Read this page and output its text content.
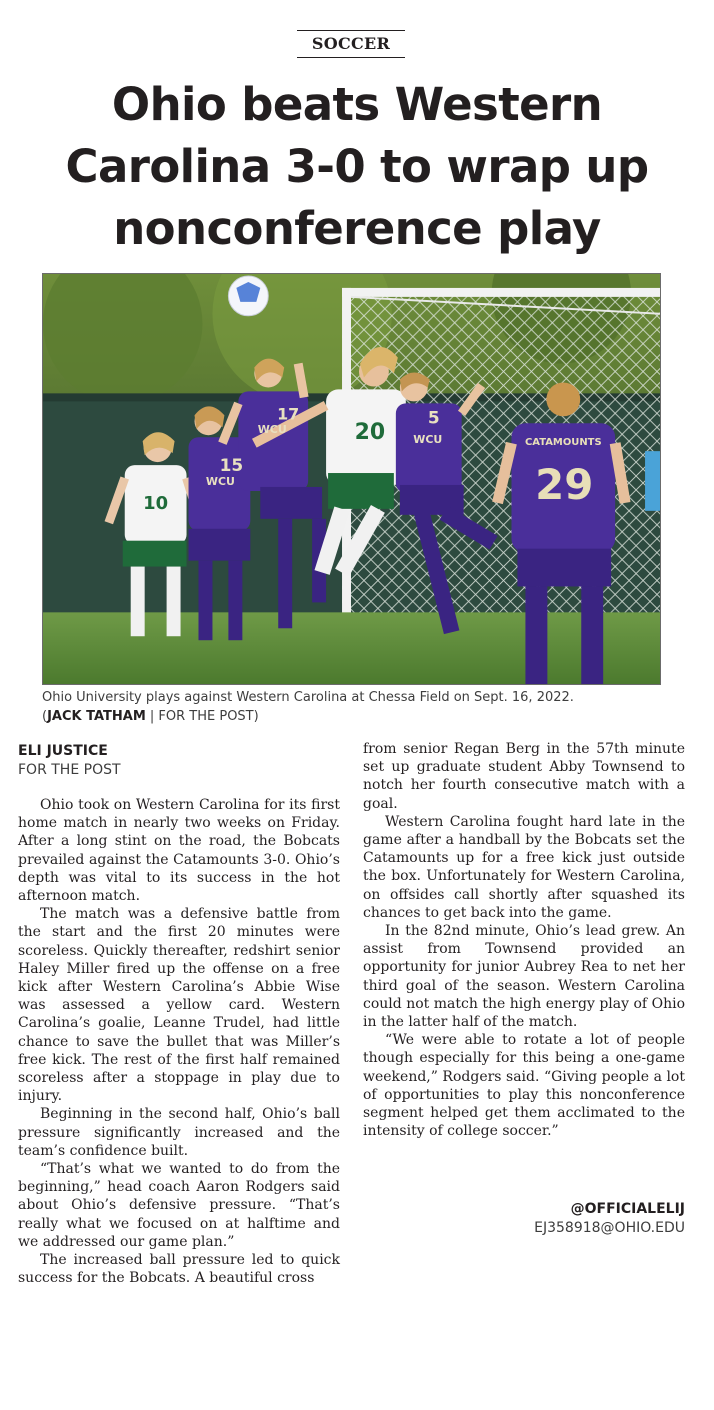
SOCCER
Ohio beats Western
Carolina 3-0 to wrap up
nonconference play
10
15
17
20
5
29
WCU
WCU
WCU	CATAMOUNTS
Ohio University plays against Western Carolina at Chessa Field on Sept. 16, 2022.
(JACK TATHAM | FOR THE POST)
ELI JUSTICE
FOR THE POST

Ohio took on Western Carolina for its first home match in nearly two weeks on Friday. After a long stint on the road, the Bobcats prevailed against the Catamounts 3-0. Ohio’s depth was vital to its success in the hot afternoon match.

The match was a defensive battle from the start and the first 20 minutes were scoreless. Quickly thereafter, redshirt senior Haley Miller fired up the offense on a free kick after Western Carolina’s Abbie Wise was assessed a yellow card. Western Carolina’s goalie, Leanne Trudel, had little chance to save the bullet that was Miller’s free kick. The rest of the first half remained scoreless after a stoppage in play due to injury.

Beginning in the second half, Ohio’s ball pressure significantly increased and the team’s confidence built.

“That’s what we wanted to do from the beginning,” head coach Aaron Rodgers said about Ohio’s defensive pressure. “That’s really what we focused on at halftime and we addressed our game plan.”

The increased ball pressure led to quick success for the Bobcats. A beautiful cross

from senior Regan Berg in the 57th minute set up graduate student Abby Townsend to notch her fourth consecutive match with a goal.

Western Carolina fought hard late in the game after a handball by the Bobcats set the Catamounts up for a free kick just outside the box. Unfortunately for Western Carolina, on offsides call shortly after squashed its chances to get back into the game.

In the 82nd minute, Ohio’s lead grew. An assist from Townsend provided an opportunity for junior Aubrey Rea to net her third goal of the season. Western Carolina could not match the high energy play of Ohio in the latter half of the match.

“We were able to rotate a lot of people though especially for this being a one-game weekend,” Rodgers said. “Giving people a lot of opportunities to play this nonconference segment helped get them acclimated to the intensity of college soccer.”

@OFFICIALELIJ
EJ358918@OHIO.EDU
